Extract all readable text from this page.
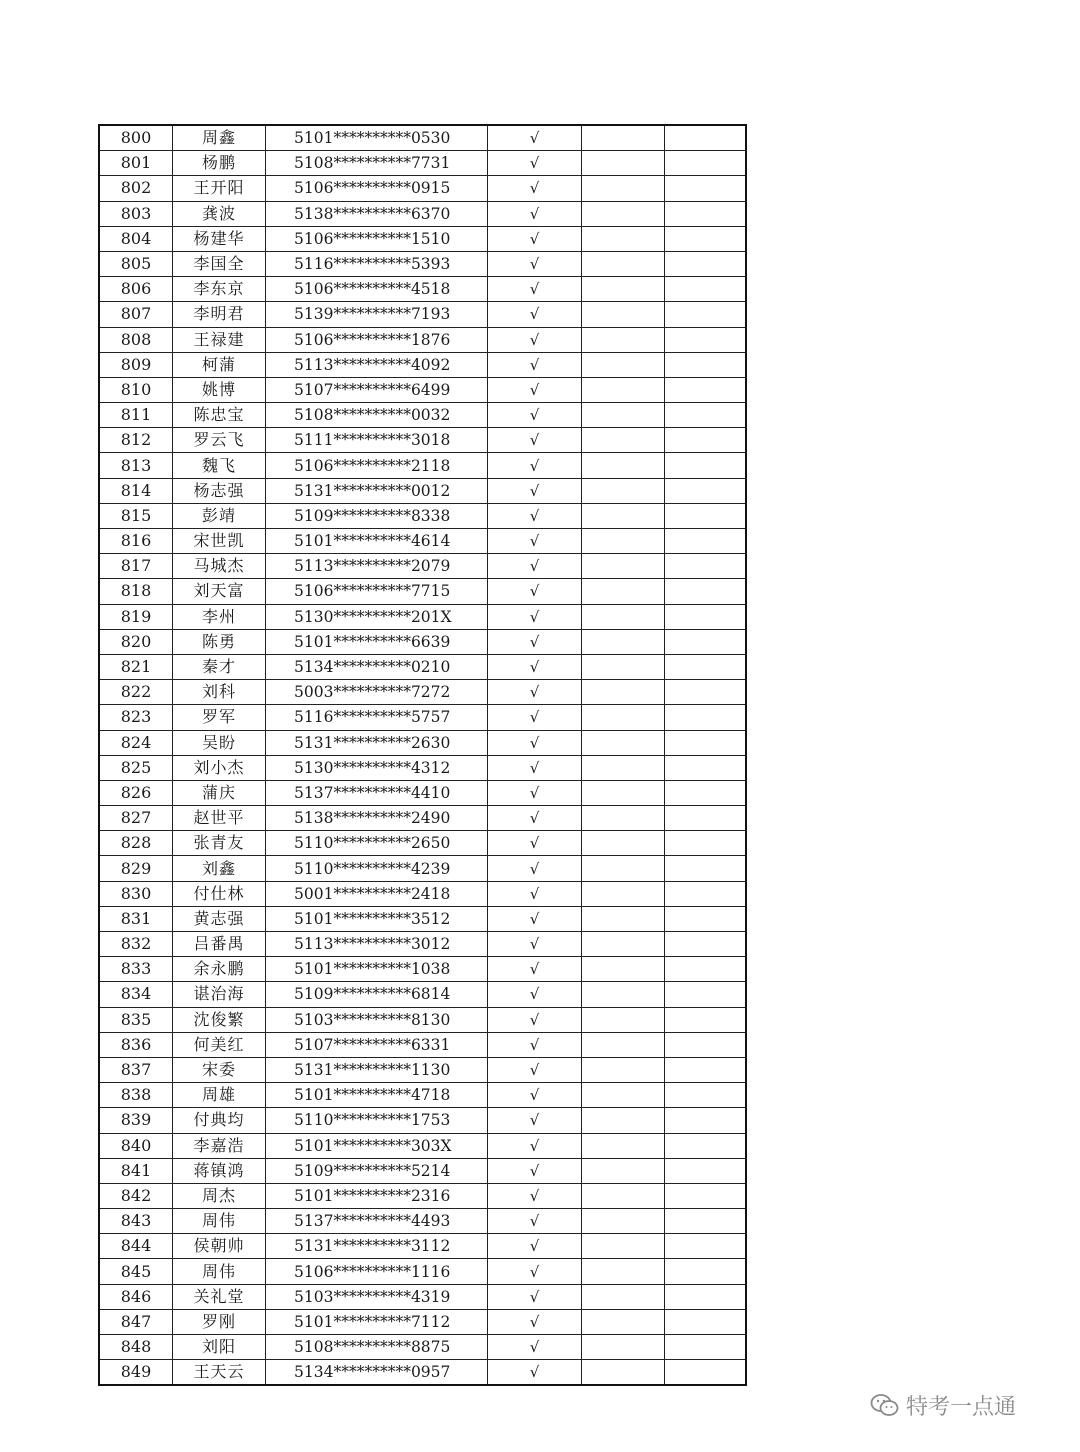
800	周鑫	5101**********0530	√		
801	杨鹏	5108**********7731	√		
802	王开阳	5106**********0915	√		
803	龚波	5138**********6370	√		
804	杨建华	5106**********1510	√		
805	李国全	5116**********5393	√		
806	李东京	5106**********4518	√		
807	李明君	5139**********7193	√		
808	王禄建	5106**********1876	√		
809	柯蒲	5113**********4092	√		
810	姚博	5107**********6499	√		
811	陈忠宝	5108**********0032	√		
812	罗云飞	5111**********3018	√		
813	魏飞	5106**********2118	√		
814	杨志强	5131**********0012	√		
815	彭靖	5109**********8338	√		
816	宋世凯	5101**********4614	√		
817	马城杰	5113**********2079	√		
818	刘天富	5106**********7715	√		
819	李州	5130**********201X	√		
820	陈勇	5101**********6639	√		
821	秦才	5134**********0210	√		
822	刘科	5003**********7272	√		
823	罗军	5116**********5757	√		
824	吴盼	5131**********2630	√		
825	刘小杰	5130**********4312	√		
826	蒲庆	5137**********4410	√		
827	赵世平	5138**********2490	√		
828	张青友	5110**********2650	√		
829	刘鑫	5110**********4239	√		
830	付仕林	5001**********2418	√		
831	黄志强	5101**********3512	√		
832	吕番禺	5113**********3012	√		
833	余永鹏	5101**********1038	√		
834	谌治海	5109**********6814	√		
835	沈俊繁	5103**********8130	√		
836	何美红	5107**********6331	√		
837	宋委	5131**********1130	√		
838	周雄	5101**********4718	√		
839	付典均	5110**********1753	√		
840	李嘉浩	5101**********303X	√		
841	蒋镇鸿	5109**********5214	√		
842	周杰	5101**********2316	√		
843	周伟	5137**********4493	√		
844	侯朝帅	5131**********3112	√		
845	周伟	5106**********1116	√		
846	关礼堂	5103**********4319	√		
847	罗刚	5101**********7112	√		
848	刘阳	5108**********8875	√		
849	王天云	5134**********0957	√		
特考一点通
